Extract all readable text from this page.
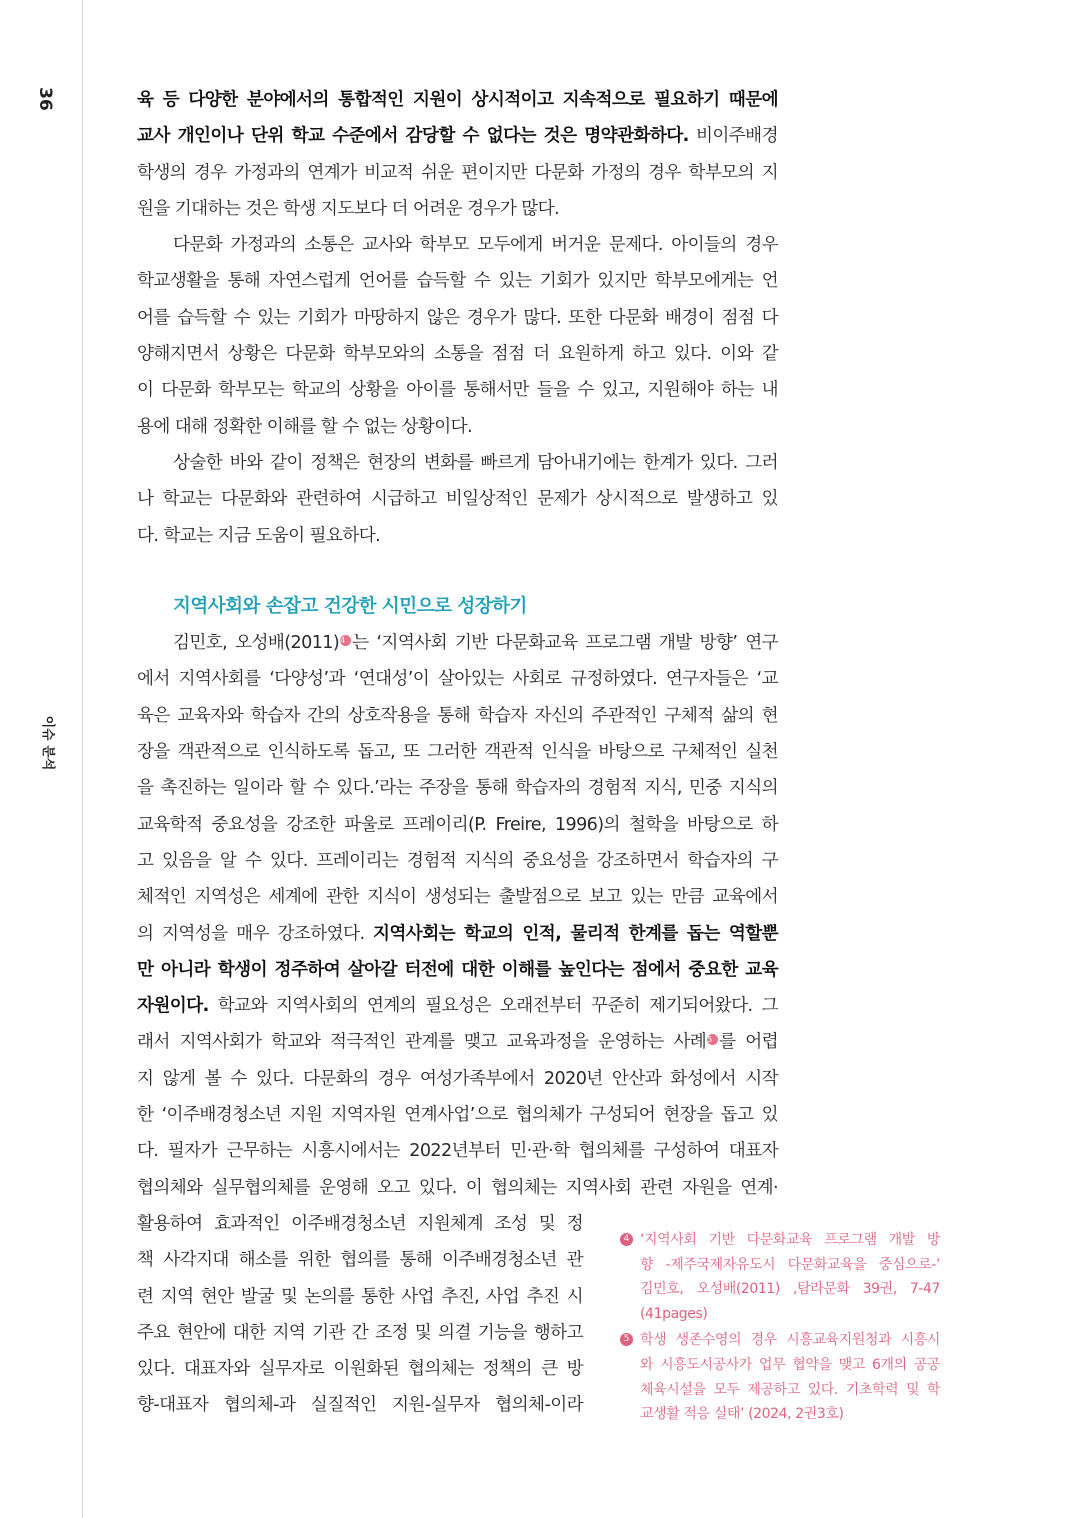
36
이슈 분석
육 등 다양한 분야에서의 통합적인 지원이 상시적이고 지속적으로 필요하기 때문에
교사 개인이나 단위 학교 수준에서 감당할 수 없다는 것은 명약관화하다. 비이주배경
학생의 경우 가정과의 연계가 비교적 쉬운 편이지만 다문화 가정의 경우 학부모의 지
원을 기대하는 것은 학생 지도보다 더 어려운 경우가 많다.
다문화 가정과의 소통은 교사와 학부모 모두에게 버거운 문제다. 아이들의 경우
학교생활을 통해 자연스럽게 언어를 습득할 수 있는 기회가 있지만 학부모에게는 언
어를 습득할 수 있는 기회가 마땅하지 않은 경우가 많다. 또한 다문화 배경이 점점 다
양해지면서 상황은 다문화 학부모와의 소통을 점점 더 요원하게 하고 있다. 이와 같
이 다문화 학부모는 학교의 상황을 아이를 통해서만 들을 수 있고, 지원해야 하는 내
용에 대해 정확한 이해를 할 수 없는 상황이다.
상술한 바와 같이 정책은 현장의 변화를 빠르게 담아내기에는 한계가 있다. 그러
나 학교는 다문화와 관련하여 시급하고 비일상적인 문제가 상시적으로 발생하고 있
다. 학교는 지금 도움이 필요하다.
지역사회와 손잡고 건강한 시민으로 성장하기
김민호, 오성배(2011)4 는 ‘지역사회 기반 다문화교육 프로그램 개발 방향’ 연구
에서 지역사회를 ‘다양성’과 ‘연대성’이 살아있는 사회로 규정하였다. 연구자들은 ‘교
육은 교육자와 학습자 간의 상호작용을 통해 학습자 자신의 주관적인 구체적 삶의 현
장을 객관적으로 인식하도록 돕고, 또 그러한 객관적 인식을 바탕으로 구체적인 실천
을 촉진하는 일이라 할 수 있다.’라는 주장을 통해 학습자의 경험적 지식, 민중 지식의
교육학적 중요성을 강조한 파울로 프레이리(P. Freire, 1996)의 철학을 바탕으로 하
고 있음을 알 수 있다. 프레이리는 경험적 지식의 중요성을 강조하면서 학습자의 구
체적인 지역성은 세계에 관한 지식이 생성되는 출발점으로 보고 있는 만큼 교육에서
의 지역성을 매우 강조하였다. 지역사회는 학교의 인적, 물리적 한계를 돕는 역할뿐
만 아니라 학생이 정주하여 살아갈 터전에 대한 이해를 높인다는 점에서 중요한 교육
자원이다. 학교와 지역사회의 연계의 필요성은 오래전부터 꾸준히 제기되어왔다. 그
래서 지역사회가 학교와 적극적인 관계를 맺고 교육과정을 운영하는 사례5 를 어렵
지 않게 볼 수 있다. 다문화의 경우 여성가족부에서 2020년 안산과 화성에서 시작
한 ‘이주배경청소년 지원 지역자원 연계사업’으로 협의체가 구성되어 현장을 돕고 있
다. 필자가 근무하는 시흥시에서는 2022년부터 민·관·학 협의체를 구성하여 대표자
협의체와 실무협의체를 운영해 오고 있다. 이 협의체는 지역사회 관련 자원을 연계·
활용하여 효과적인 이주배경청소년 지원체계 조성 및 정
책 사각지대 해소를 위한 협의를 통해 이주배경청소년 관
련 지역 현안 발굴 및 논의를 통한 사업 추진, 사업 추진 시
주요 현안에 대한 지역 기관 간 조정 및 의결 기능을 행하고
있다. 대표자와 실무자로 이원화된 협의체는 정책의 큰 방
향-대표자 협의체-과 실질적인 지원-실무자 협의체-이라
4 ‘지역사회 기반 다문화교육 프로그램 개발 방
향 -제주국제자유도시 다문화교육을 중심으로-’
김민호, 오성배(2011) ,탐라문화 39권, 7-47
(41pages)
5 학생 생존수영의 경우 시흥교육지원청과 시흥시
와 시흥도시공사가 업무 협약을 맺고 6개의 공공
체육시설을 모두 제공하고 있다. 기초학력 및 학
교생활 적응 실태’ (2024, 2권3호)
